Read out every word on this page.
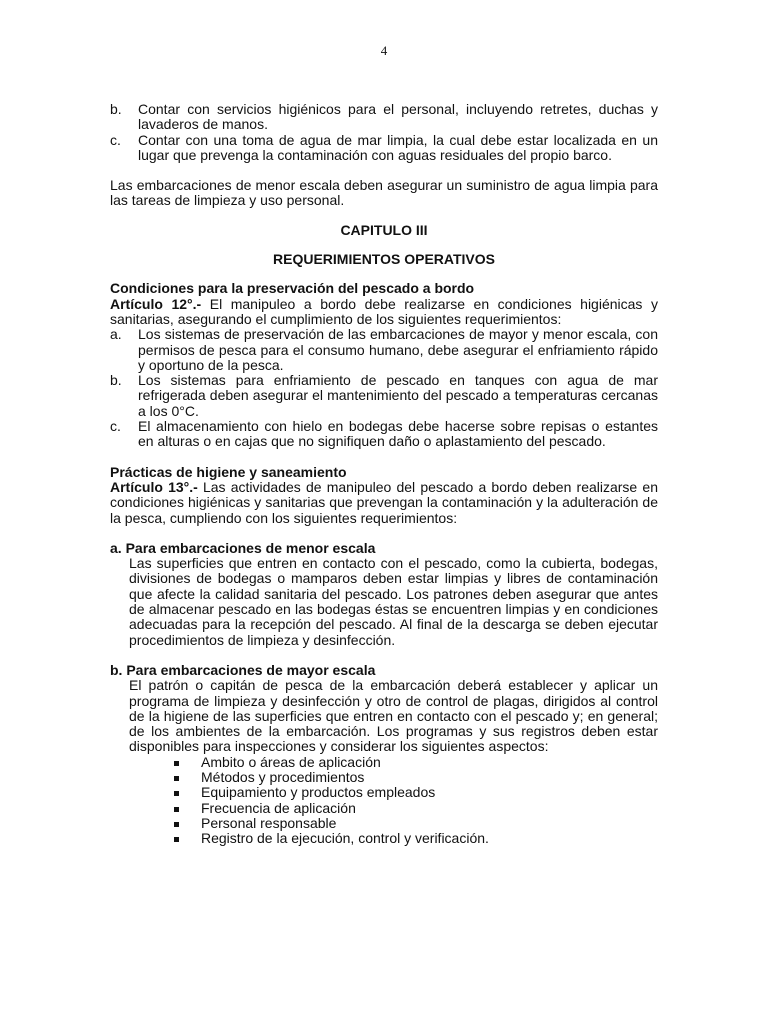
4
b. Contar con servicios higiénicos para el personal, incluyendo retretes, duchas y lavaderos de manos.
c. Contar con una toma de agua de mar limpia, la cual debe estar localizada en un lugar que prevenga la contaminación con aguas residuales del propio barco.

Las embarcaciones de menor escala deben asegurar un suministro de agua limpia para las tareas de limpieza y uso personal.

CAPITULO III

REQUERIMIENTOS OPERATIVOS

Condiciones para la preservación del pescado a bordo

Artículo 12°.- El manipuleo a bordo debe realizarse en condiciones higiénicas y sanitarias, asegurando el cumplimiento de los siguientes requerimientos:

a. Los sistemas de preservación de las embarcaciones de mayor y menor escala, con permisos de pesca para el consumo humano, debe asegurar el enfriamiento rápido y oportuno de la pesca.
b. Los sistemas para enfriamiento de pescado en tanques con agua de mar refrigerada deben asegurar el mantenimiento del pescado a temperaturas cercanas a los 0°C.
c. El almacenamiento con hielo en bodegas debe hacerse sobre repisas o estantes en alturas o en cajas que no signifiquen daño o aplastamiento del pescado.

Prácticas de higiene y saneamiento

Artículo 13°.- Las actividades de manipuleo del pescado a bordo deben realizarse en condiciones higiénicas y sanitarias que prevengan la contaminación y la adulteración de la pesca, cumpliendo con los siguientes requerimientos:

a. Para embarcaciones de menor escala

Las superficies que entren en contacto con el pescado, como la cubierta, bodegas, divisiones de bodegas o mamparos deben estar limpias y libres de contaminación que afecte la calidad sanitaria del pescado. Los patrones deben asegurar que antes de almacenar pescado en las bodegas éstas se encuentren limpias y en condiciones adecuadas para la recepción del pescado. Al final de la descarga se deben ejecutar procedimientos de limpieza y desinfección.

b. Para embarcaciones de mayor escala

El patrón o capitán de pesca de la embarcación deberá establecer y aplicar un programa de limpieza y desinfección y otro de control de plagas, dirigidos al control de la higiene de las superficies que entren en contacto con el pescado y; en general; de los ambientes de la embarcación. Los programas y sus registros deben estar disponibles para inspecciones y considerar los siguientes aspectos:

Ambito o áreas de aplicación
Métodos y procedimientos
Equipamiento y productos empleados
Frecuencia de aplicación
Personal responsable
Registro de la ejecución, control y verificación.
